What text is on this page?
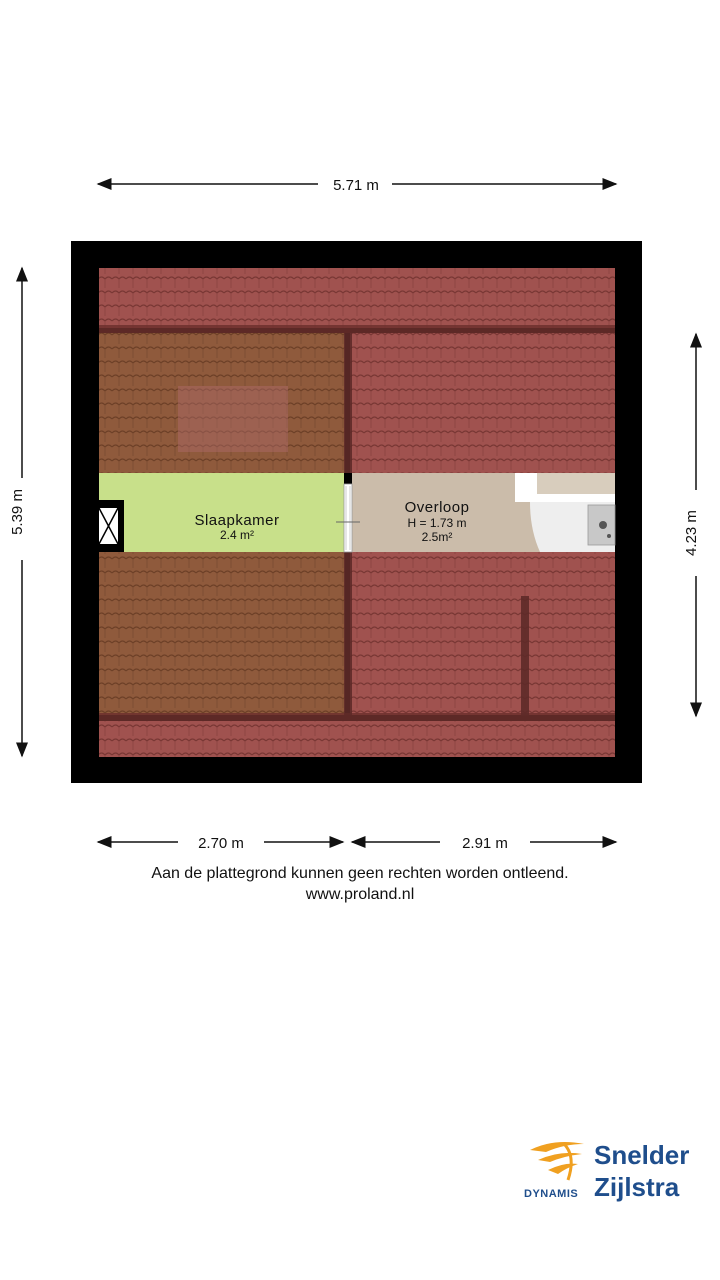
5.71 m
5.39 m	4.23 m
Slaapkamer
2.4 m²
Overloop
H = 1.73 m
2.5m²
2.70 m	2.91 m
Aan de plattegrond kunnen geen rechten worden ontleend.
www.proland.nl
DYNAMIS
Snelder
Zijlstra
